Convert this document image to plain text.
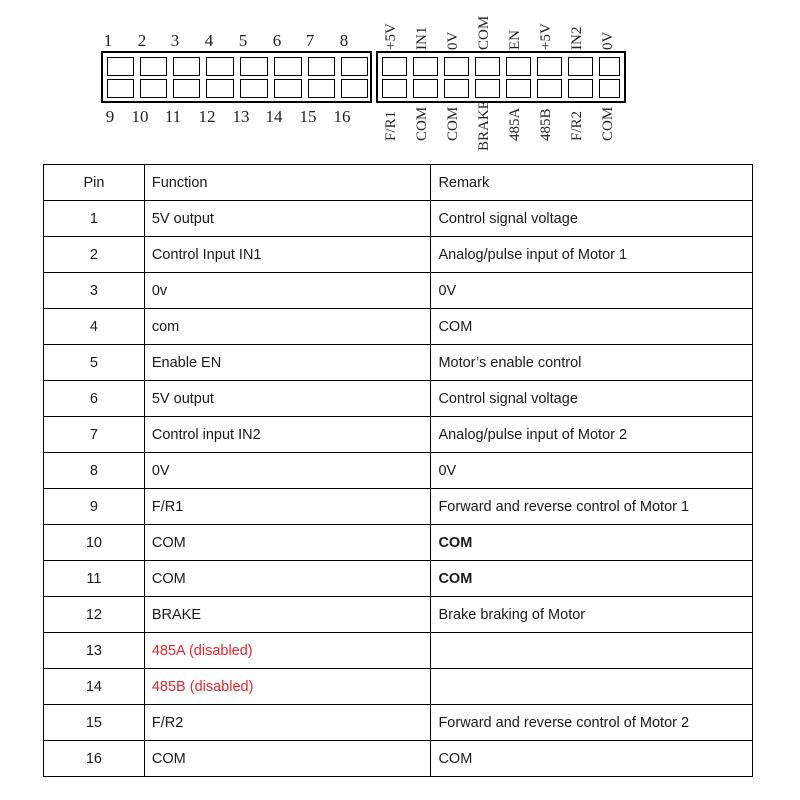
1	2	3	4	5	6	7	8
9	10 11	12	13 14	15	16
+5V IN1 0V COM EN +5V IN2 0V
F/R1 COM COM BRAKE 485A 485B F/R2 COM
Pin	Function	Remark
1	5V output	Control signal voltage
2	Control Input IN1	Analog/pulse input of Motor 1
3	0v	0V
4	com	COM
5	Enable EN	Motor’s enable control
6	5V output	Control signal voltage
7	Control input IN2	Analog/pulse input of Motor 2
8	0V	0V
9	F/R1	Forward and reverse control of Motor 1
10	COM	COM
11	COM	COM
12	BRAKE	Brake braking of Motor
13	485A (disabled)	
14	485B (disabled)	
15	F/R2	Forward and reverse control of Motor 2
16	COM	COM
